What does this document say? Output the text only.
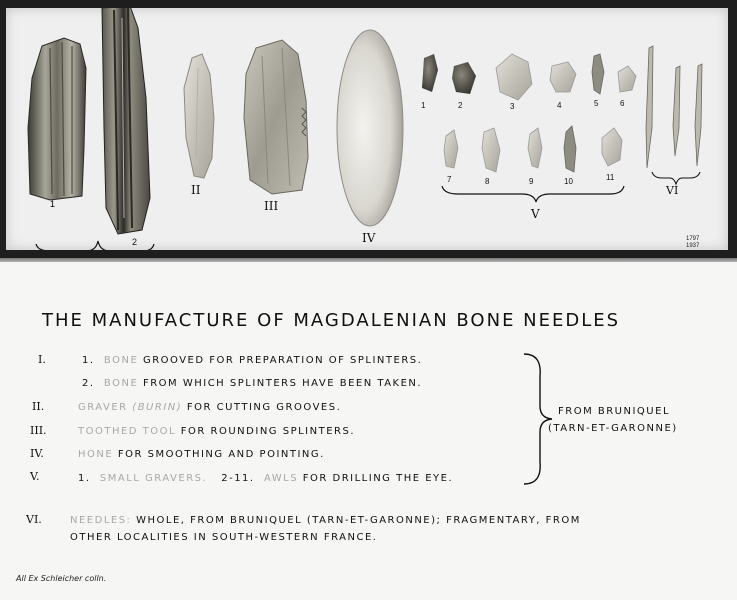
1
2
II
III
IV
1	2	3	4	5	6
7	8	9	10	11
V
VI
1797
1937
THE MANUFACTURE OF MAGDALENIAN BONE NEEDLES
I.	1. BONE GROOVED FOR PREPARATION OF SPLINTERS.
2. BONE FROM WHICH SPLINTERS HAVE BEEN TAKEN.
II.	GRAVER (BURIN) FOR CUTTING GROOVES.
III.	TOOTHED TOOL FOR ROUNDING SPLINTERS.
IV.	HONE FOR SMOOTHING AND POINTING.
V.	1. SMALL GRAVERS. 2-11. AWLS FOR DRILLING THE EYE.
FROM BRUNIQUEL
(TARN-ET-GARONNE)
VI.	NEEDLES: WHOLE, FROM BRUNIQUEL (TARN-ET-GARONNE); FRAGMENTARY, FROM
OTHER LOCALITIES IN SOUTH-WESTERN FRANCE.
All Ex Schleicher colln.
